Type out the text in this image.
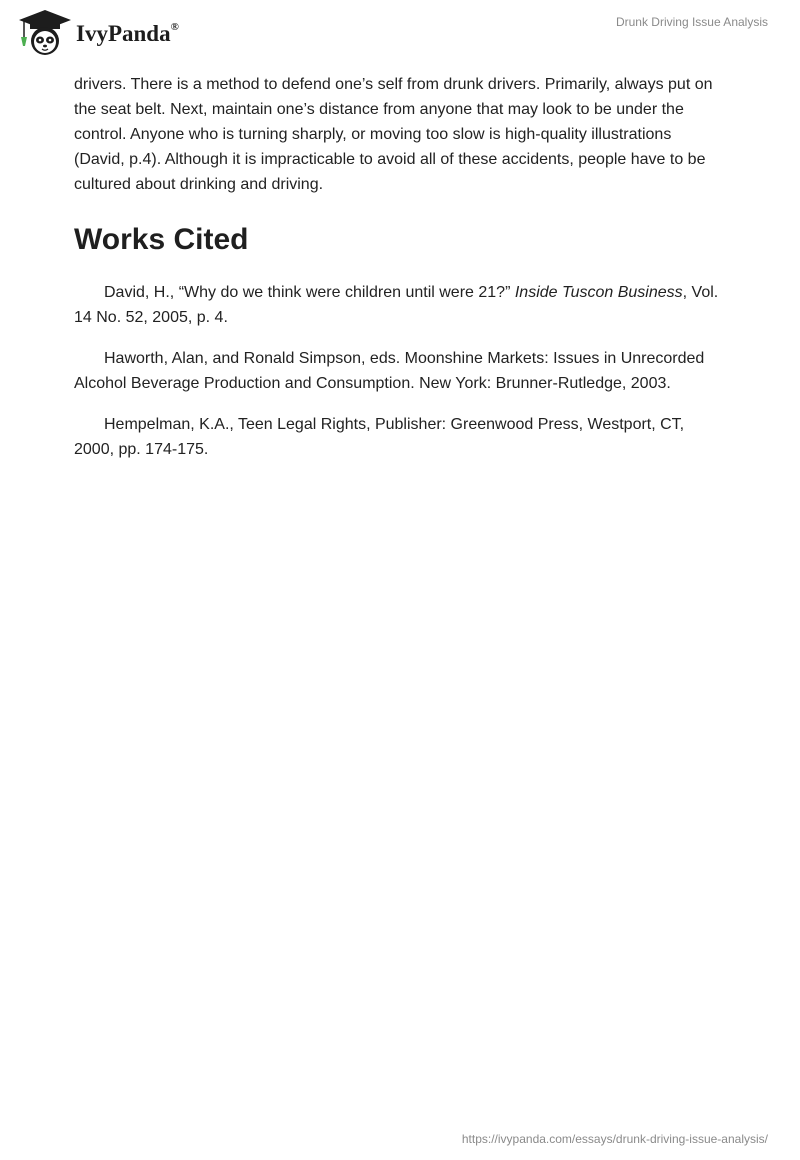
IvyPanda®	Drunk Driving Issue Analysis

drivers. There is a method to defend one’s self from drunk drivers. Primarily, always put on the seat belt. Next, maintain one’s distance from anyone that may look to be under the control. Anyone who is turning sharply, or moving too slow is high-quality illustrations (David, p.4). Although it is impracticable to avoid all of these accidents, people have to be cultured about drinking and driving.

Works Cited

David, H., “Why do we think were children until were 21?” Inside Tuscon Business, Vol. 14 No. 52, 2005, p. 4.

Haworth, Alan, and Ronald Simpson, eds. Moonshine Markets: Issues in Unrecorded Alcohol Beverage Production and Consumption. New York: Brunner-Rutledge, 2003.

Hempelman, K.A., Teen Legal Rights, Publisher: Greenwood Press, Westport, CT, 2000, pp. 174-175.

https://ivypanda.com/essays/drunk-driving-issue-analysis/
